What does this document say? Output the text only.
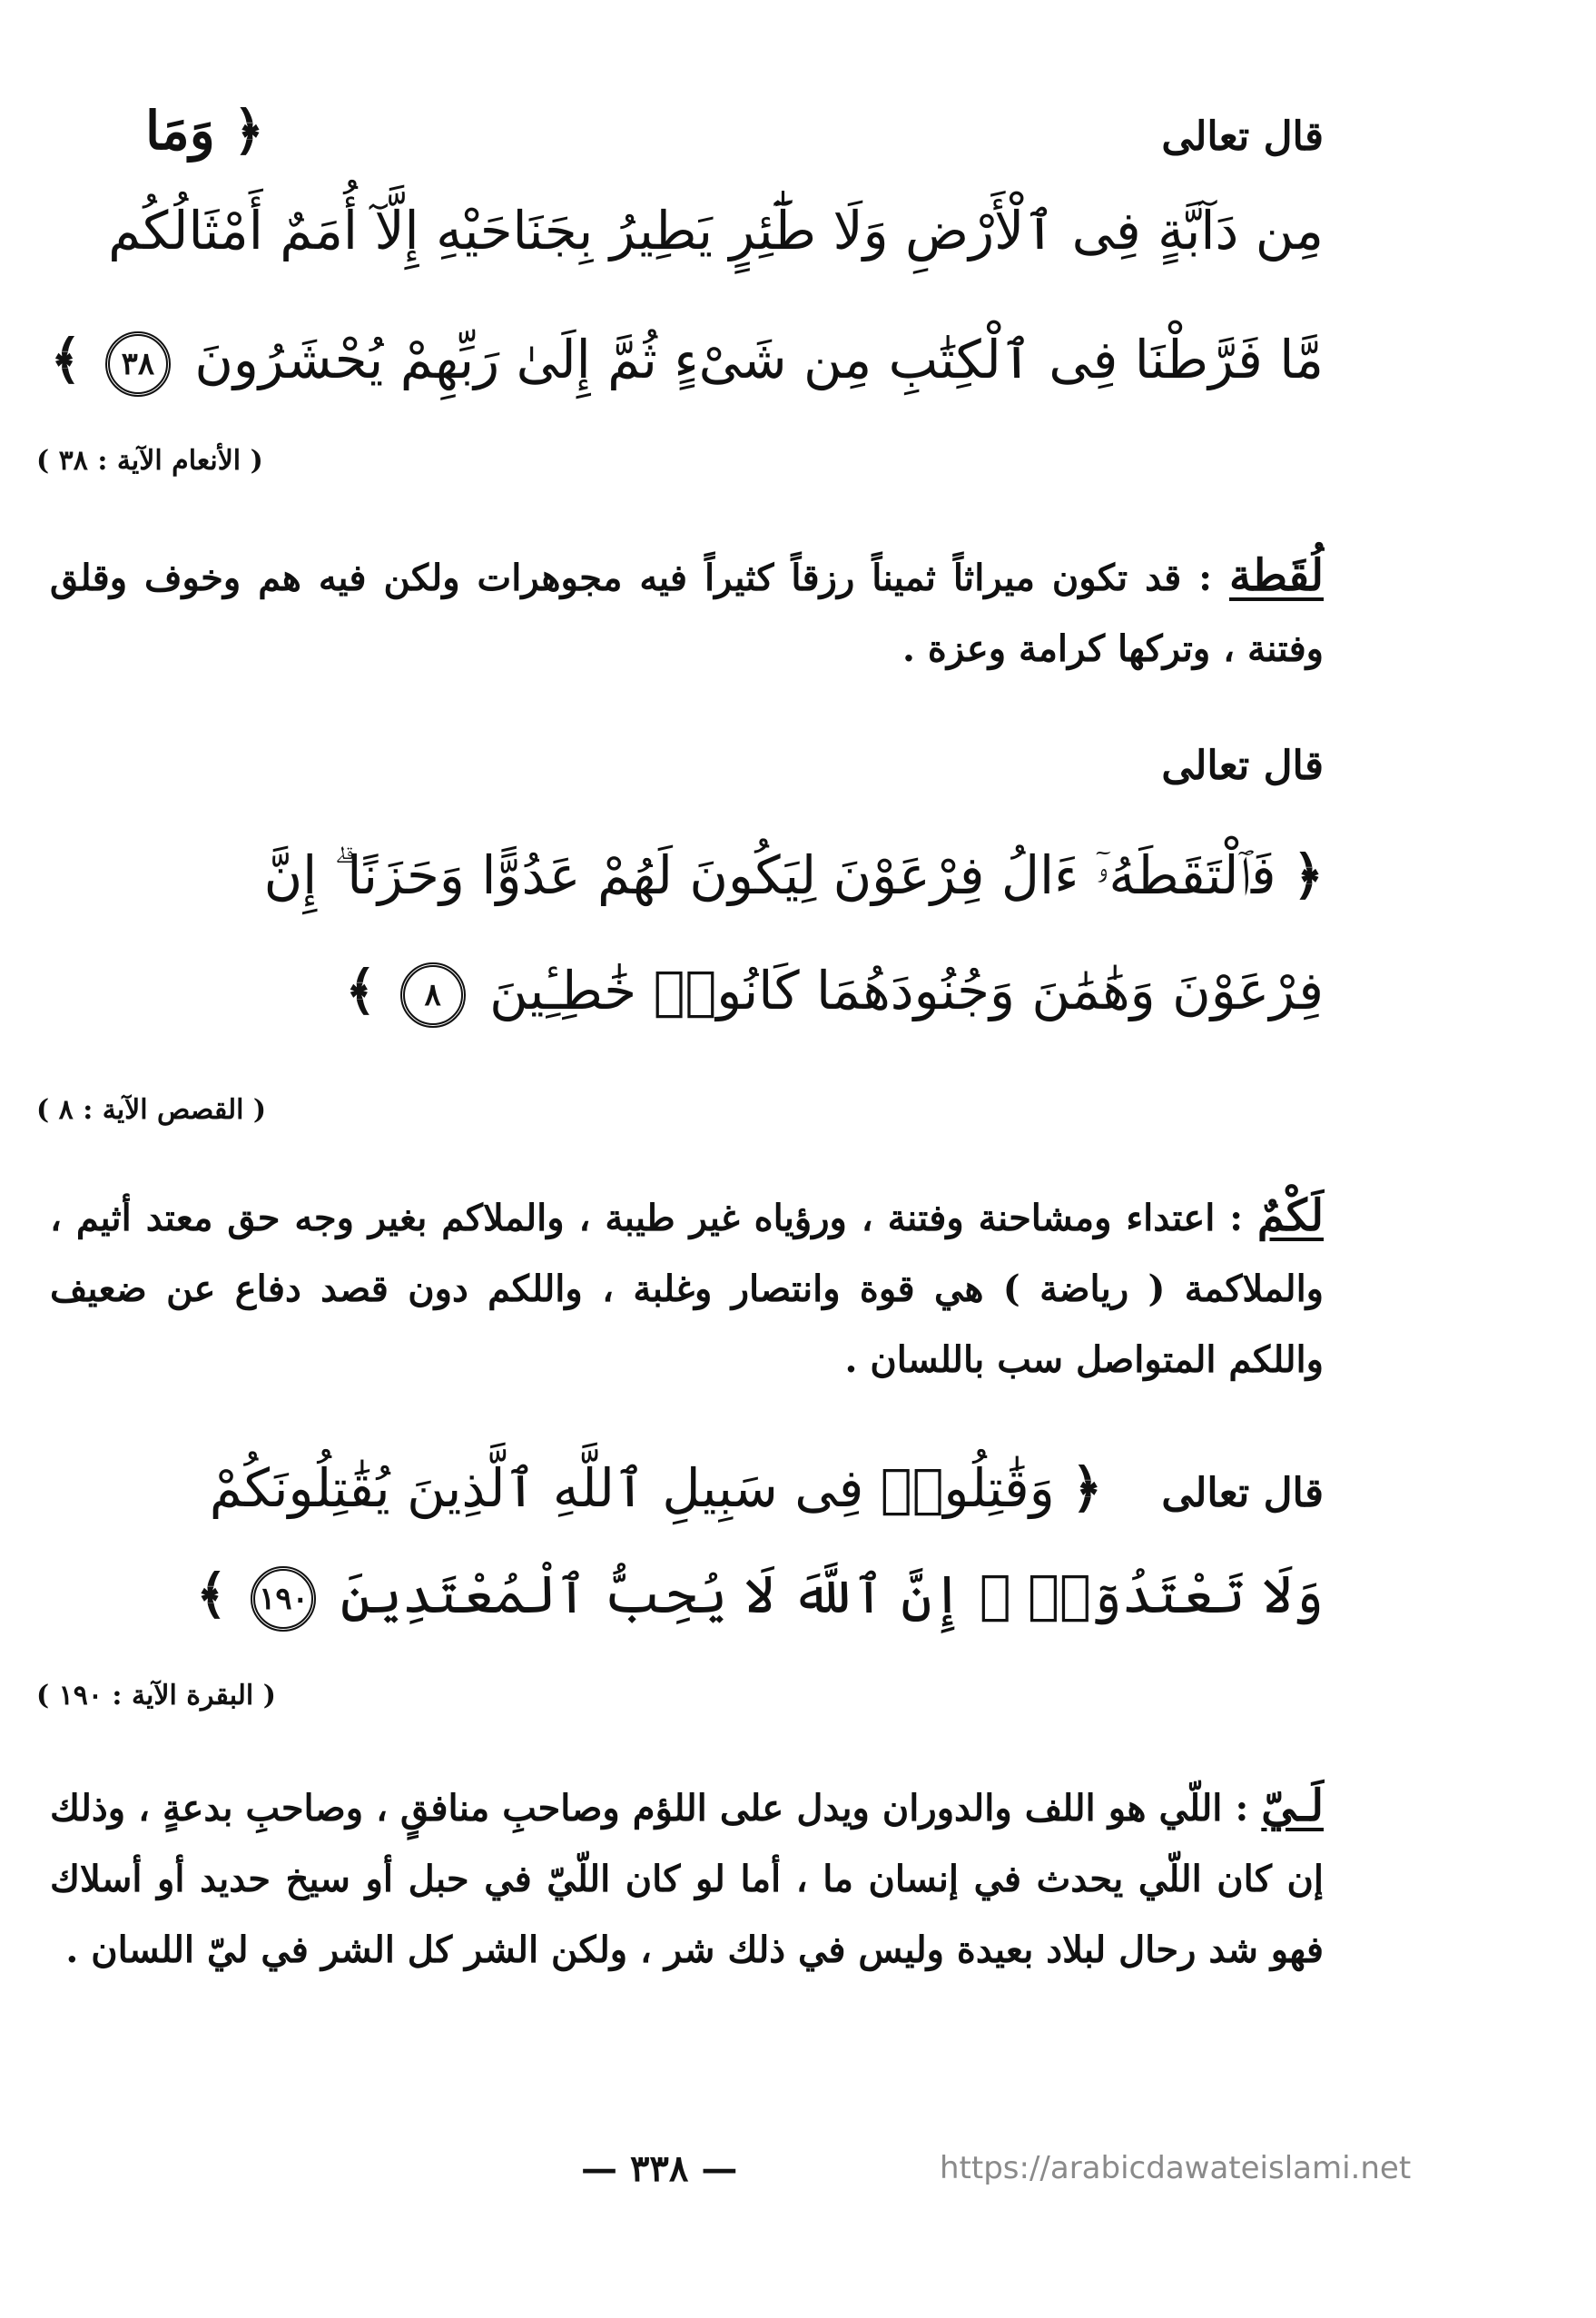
قال تعالى
﴿ وَمَا
مِن دَآبَّةٍ فِى ٱلْأَرْضِ وَلَا طَٰٓئِرٍ يَطِيرُ بِجَنَاحَيْهِ إِلَّآ أُمَمٌ أَمْثَالُكُم
مَّا فَرَّطْنَا فِى ٱلْكِتَٰبِ مِن شَىْءٍ ثُمَّ إِلَىٰ رَبِّهِمْ يُحْشَرُونَ ٣٨ ﴾
( الأنعام الآية : ٣٨ )
لُقَطة : قد تكون ميراثاً ثميناً رزقاً كثيراً فيه مجوهرات ولكن فيه هم وخوف وقلق وفتنة ، وتركها كرامة وعزة .
قال تعالى
﴿ فَٱلْتَقَطَهُۥٓ ءَالُ فِرْعَوْنَ لِيَكُونَ لَهُمْ عَدُوًّا وَحَزَنًا ۗ إِنَّ
فِرْعَوْنَ وَهَٰمَٰنَ وَجُنُودَهُمَا كَانُوا۟ خَٰطِـِٔينَ ٨ ﴾
( القصص الآية : ٨ )
لَكْمٌ : اعتداء ومشاحنة وفتنة ، ورؤياه غير طيبة ، والملاكم بغير وجه حق معتد أثيم ، والملاكمة ( رياضة ) هي قوة وانتصار وغلبة ، واللكم دون قصد دفاع عن ضعيف واللكم المتواصل سب باللسان .
قال تعالى ﴿ وَقَٰتِلُوا۟ فِى سَبِيلِ ٱللَّهِ ٱلَّذِينَ يُقَٰتِلُونَكُمْ
وَلَا تَعْتَدُوٓا۟ ۚ إِنَّ ٱللَّهَ لَا يُحِبُّ ٱلْمُعْتَدِينَ ١٩٠ ﴾
( البقرة الآية : ١٩٠ )
لَـيّ : اللّي هو اللف والدوران ويدل على اللؤم وصاحبِ منافقٍ ، وصاحبِ بدعةٍ ، وذلك إن كان اللّي يحدث في إنسان ما ، أما لو كان اللّيّ في حبل أو سيخ حديد أو أسلاك فهو شد رحال لبلاد بعيدة وليس في ذلك شر ، ولكن الشر كل الشر في ليّ اللسان .
— ٣٣٨ —	https://arabicdawateislami.net
